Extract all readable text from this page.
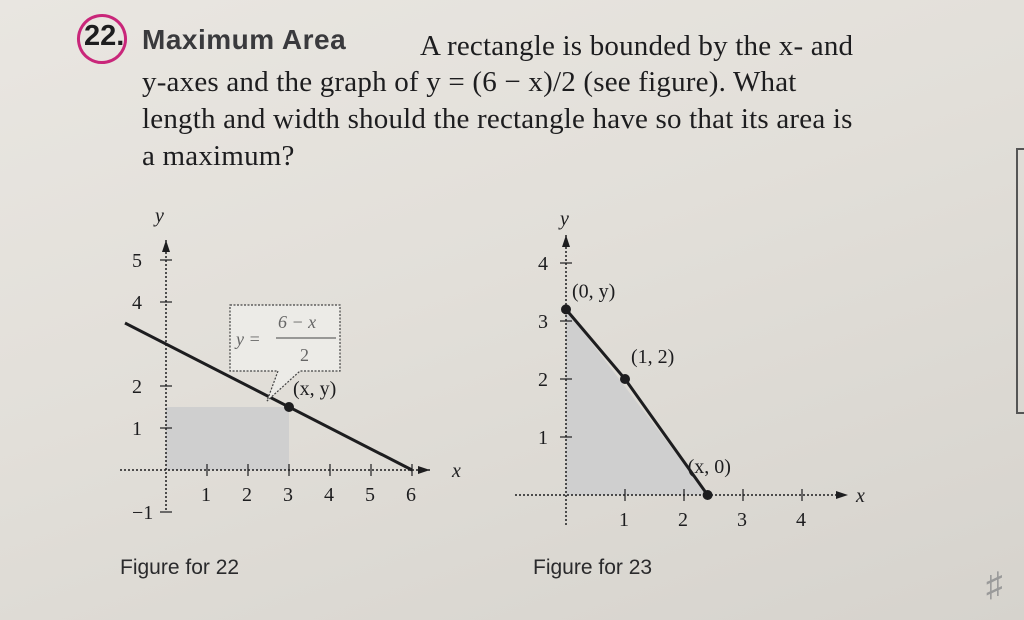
22. Maximum Area	A rectangle is bounded by the x- and
y-axes and the graph of y = (6 − x)/2 (see figure). What
length and width should the rectangle have so that its area is
a maximum?
x
y
1 2 3 4 5 6
5
4
2
1
−1
(x, y)
y =
6 − x
2
x
y
1 2 3 4
4
3
2
1
(0, y)
(1, 2)
(x, 0)
Figure for 22	Figure for 23	♯
